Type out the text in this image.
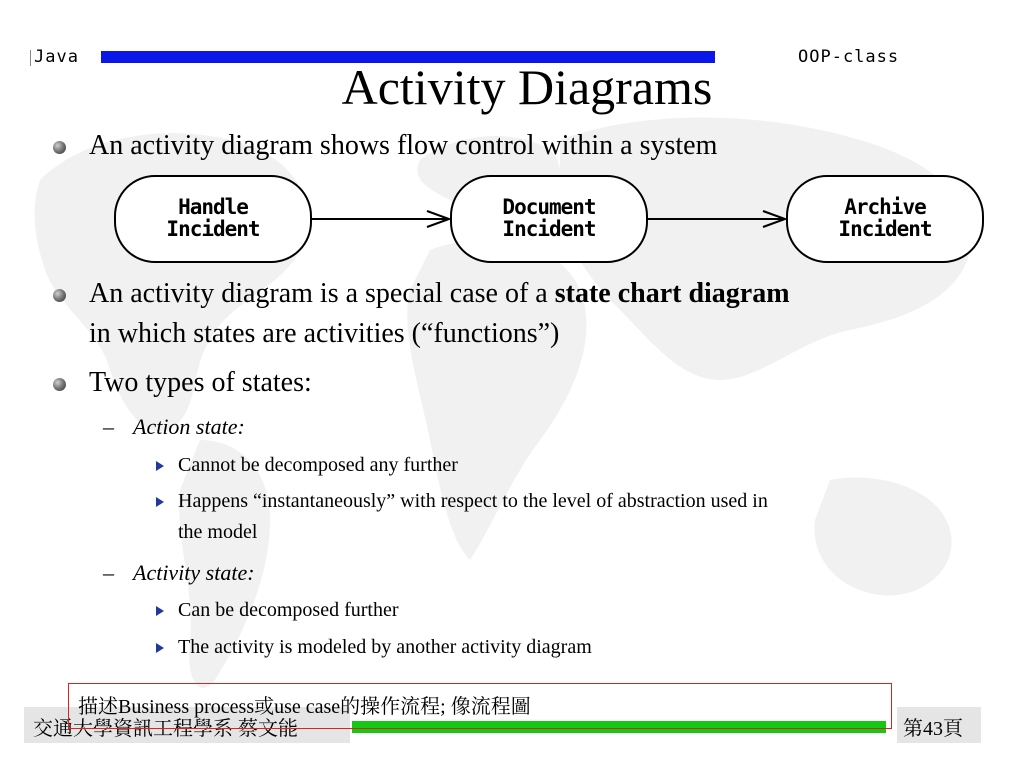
Java	OOP-class
Activity Diagrams
An activity diagram shows flow control within a system
Handle
Incident
Document
Incident
Archive
Incident
An activity diagram is a special case of a state chart diagram
in which states are activities (“functions”)
Two types of states:
– Action state:
Cannot be decomposed any further
Happens “instantaneously” with respect to the level of abstraction used in
the model
– Activity state:
Can be decomposed further
The activity is modeled by another activity diagram
交通大學資訊工程學系 蔡文能	第43頁
描述Business process或use case的操作流程; 像流程圖
